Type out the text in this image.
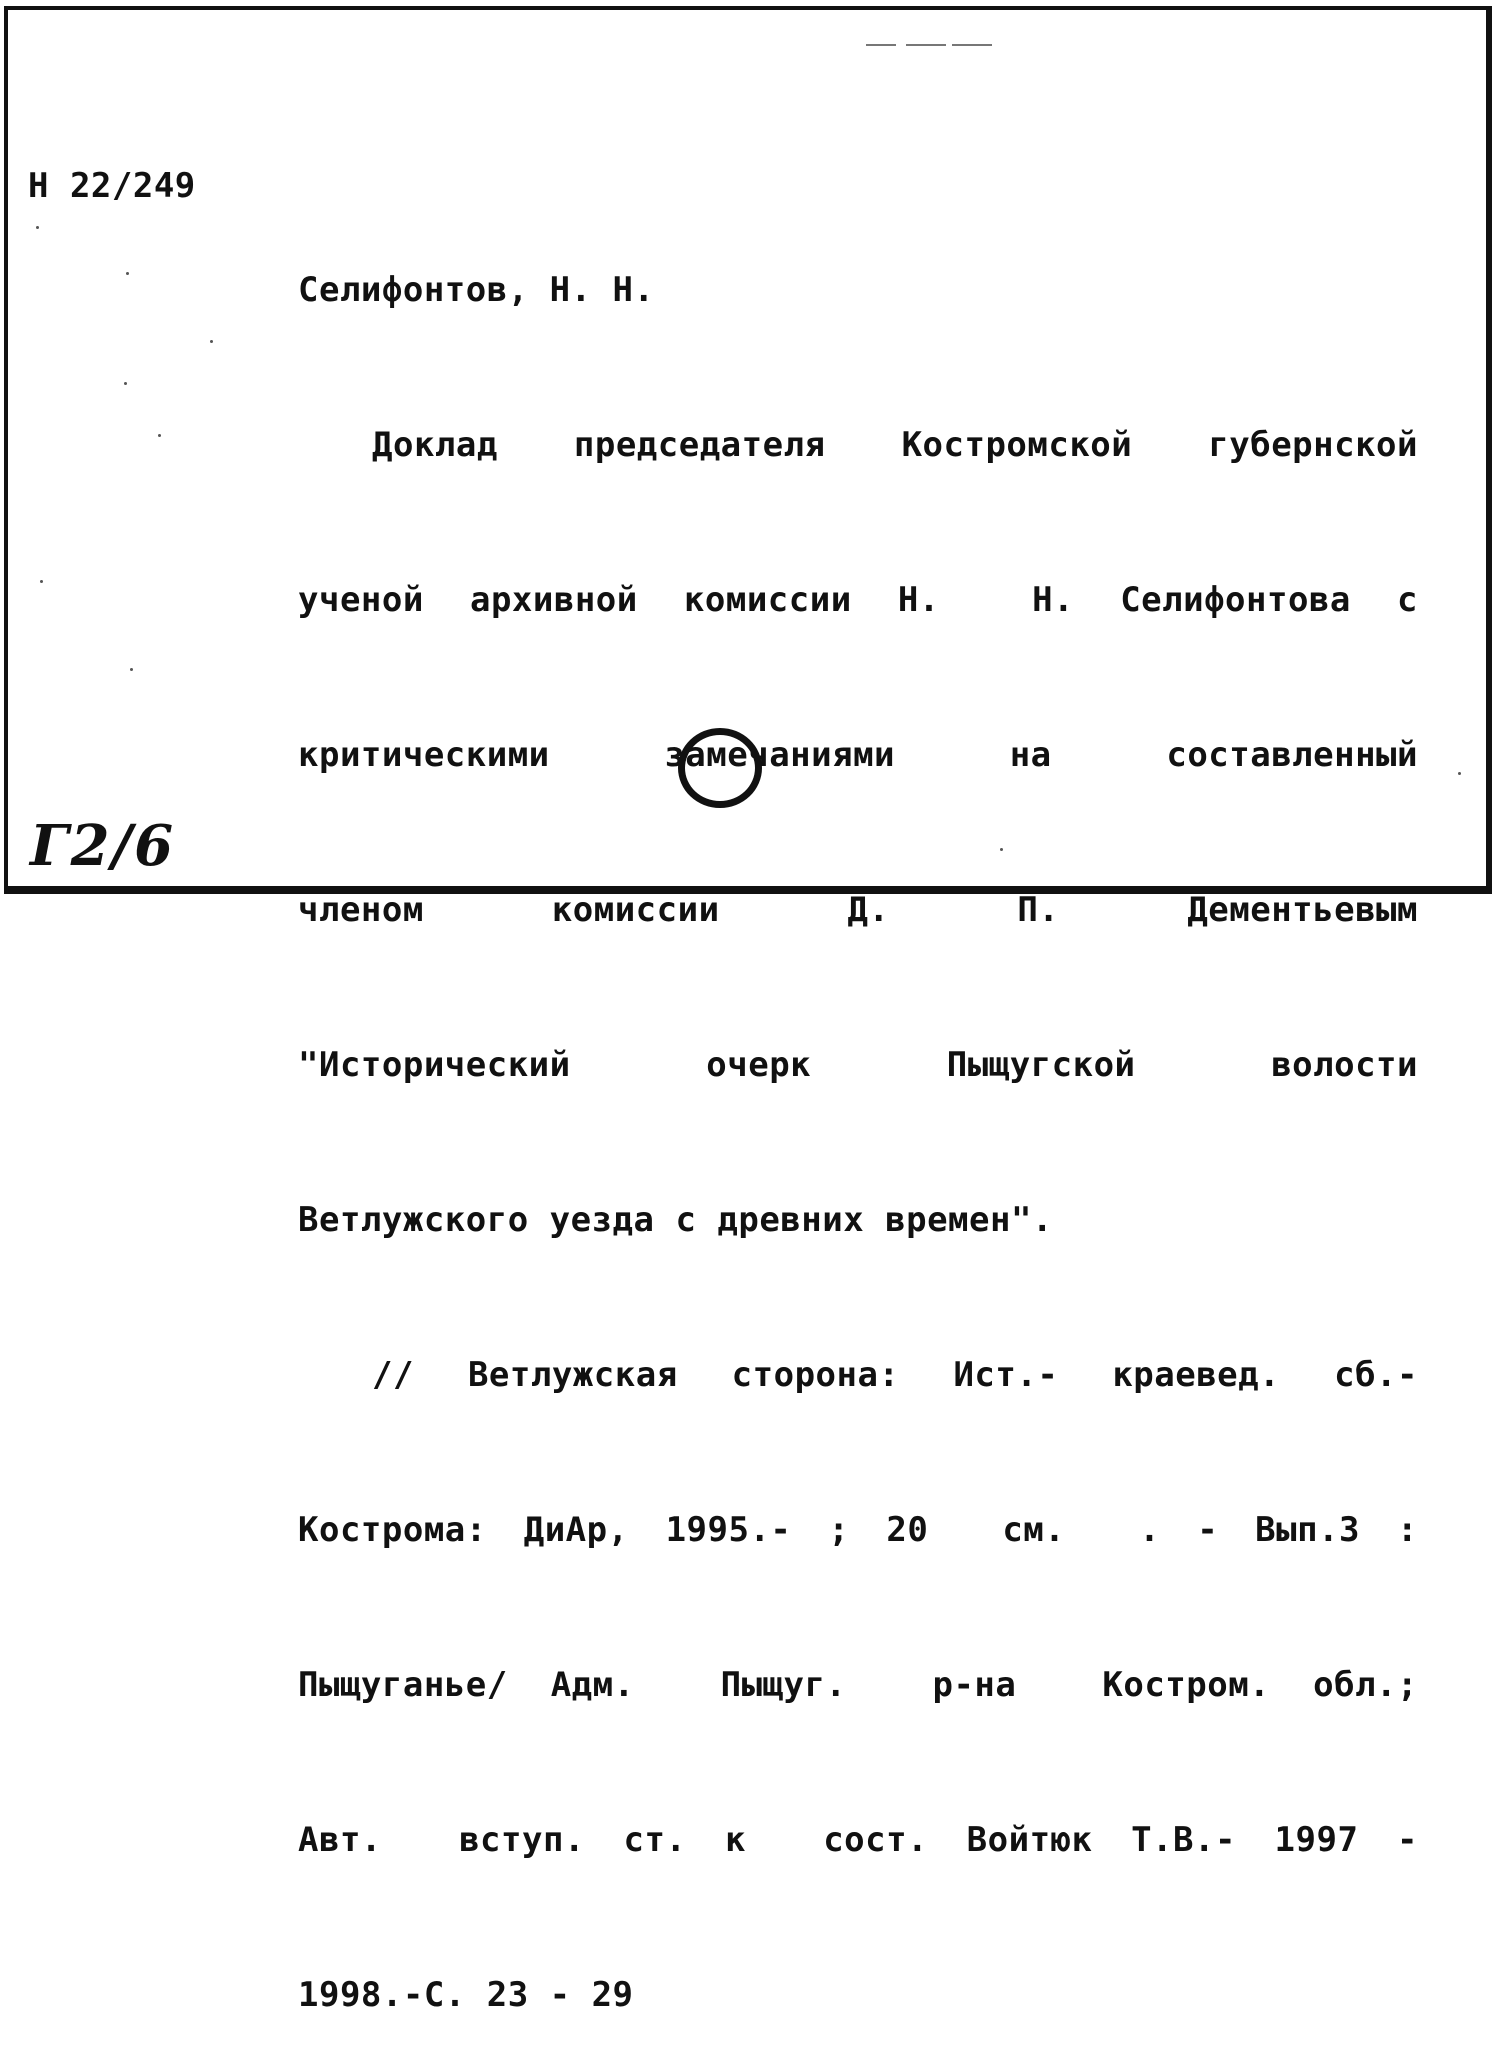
Н 22/249

Селифонтов, Н. Н.

Доклад председателя Костромской губернской

ученой архивной комиссии Н.  Н. Селифонтова с

критическими  замечаниями  на  составленный

членом  комиссии  Д.  П.  Дементьевым

"Исторический  очерк  Пыщугской  волости

Ветлужского уезда с древних времен".

// Ветлужская сторона: Ист.- краевед. сб.-

Кострома: ДиАр, 1995.- ; 20  см.  . - Вып.3 :

Пыщуганье/ Адм.  Пыщуг.  р-на  Костром. обл.;

Авт.  вступ. ст. к  сост. Войтюк Т.В.- 1997 -

1998.-С. 23 - 29

Г2/6
